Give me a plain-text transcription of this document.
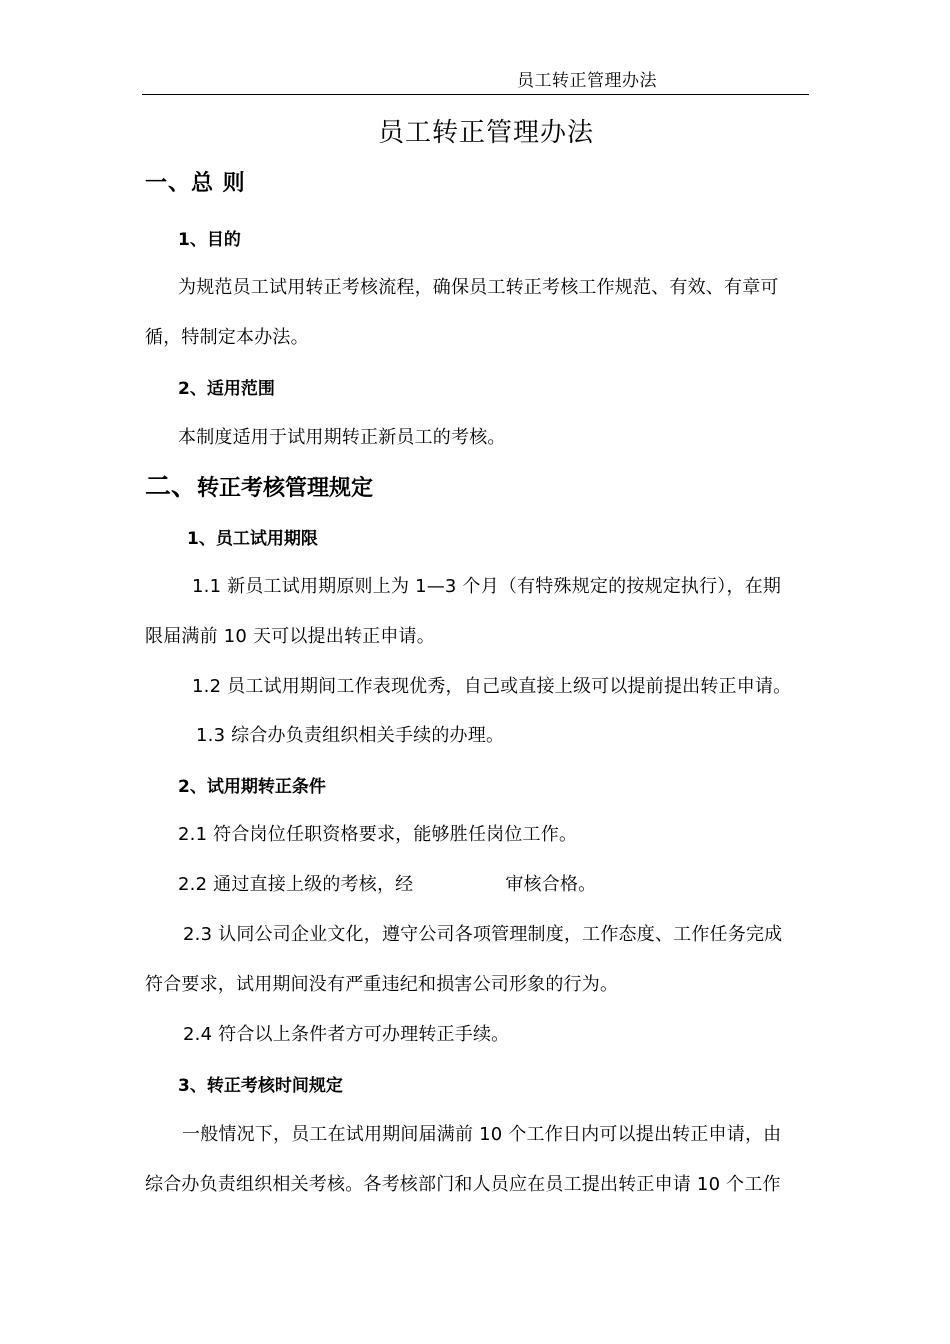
员工转正管理办法
员工转正管理办法
一、总 则
1、目的
为规范员工试用转正考核流程，确保员工转正考核工作规范、有效、有章可
循，特制定本办法。
2、适用范围
本制度适用于试用期转正新员工的考核。
二、转正考核管理规定
1、员工试用期限
1.1 新员工试用期原则上为 1—3 个月（有特殊规定的按规定执行），在期
限届满前 10 天可以提出转正申请。
1.2 员工试用期间工作表现优秀，自己或直接上级可以提前提出转正申请。
1.3 综合办负责组织相关手续的办理。
2、试用期转正条件
2.1 符合岗位任职资格要求，能够胜任岗位工作。
2.2 通过直接上级的考核，经	审核合格。
2.3 认同公司企业文化，遵守公司各项管理制度，工作态度、工作任务完成
符合要求，试用期间没有严重违纪和损害公司形象的行为。
2.4 符合以上条件者方可办理转正手续。
3、转正考核时间规定
一般情况下，员工在试用期间届满前 10 个工作日内可以提出转正申请，由
综合办负责组织相关考核。各考核部门和人员应在员工提出转正申请 10 个工作
